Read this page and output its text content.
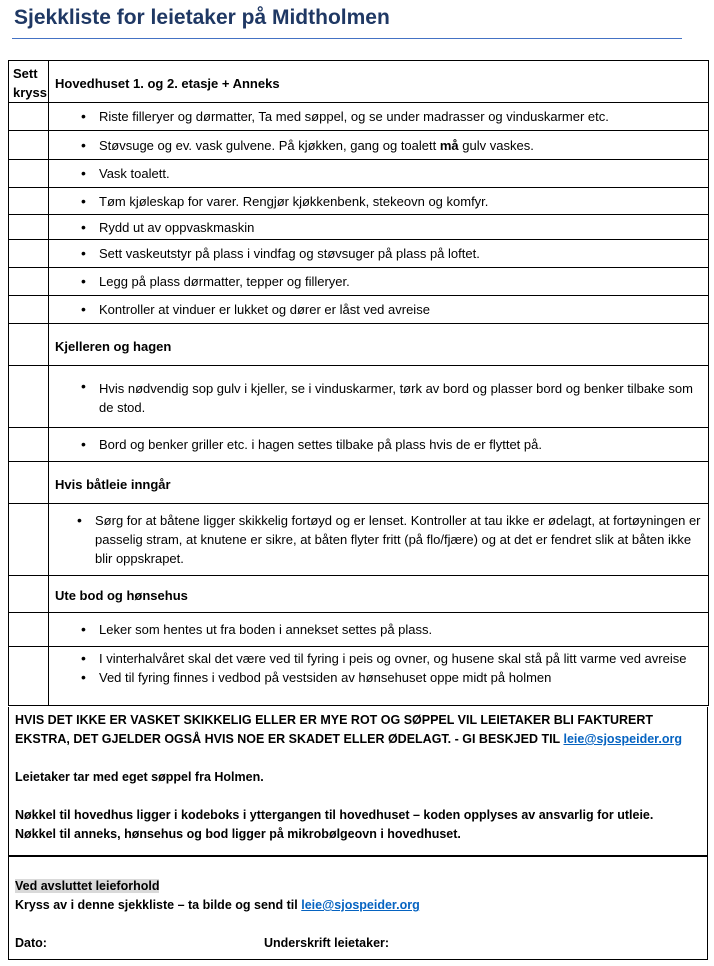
Sjekkliste for leietaker på Midtholmen
Sett kryss	Hovedhuset 1. og 2. etasje + Anneks

	• Riste filleryer og dørmatter, Ta med søppel, og se under madrasser og vinduskarmer etc.

	• Støvsuge og ev. vask gulvene. På kjøkken, gang og toalett må gulv vaskes.

	• Vask toalett.

	• Tøm kjøleskap for varer. Rengjør kjøkkenbenk, stekeovn og komfyr.

	• Rydd ut av oppvaskmaskin

	• Sett vaskeutstyr på plass i vindfag og støvsuger på plass på loftet.

	• Legg på plass dørmatter, tepper og filleryer.

	• Kontroller at vinduer er lukket og dører er låst ved avreise

	Kjelleren og hagen

	• Hvis nødvendig sop gulv i kjeller, se i vinduskarmer, tørk av bord og plasser bord og benker tilbake som de stod.

	• Bord og benker griller etc. i hagen settes tilbake på plass hvis de er flyttet på.

	Hvis båtleie inngår

	• Sørg for at båtene ligger skikkelig fortøyd og er lenset. Kontroller at tau ikke er ødelagt, at fortøyningen er passelig stram, at knutene er sikre, at båten flyter fritt (på flo/fjære) og at det er fendret slik at båten ikke blir oppskrapet.

	Ute bod og hønsehus

	• Leker som hentes ut fra boden i annekset settes på plass.

	• I vinterhalvåret skal det være ved til fyring i peis og ovner, og husene skal stå på litt varme ved avreise
• Ved til fyring finnes i vedbod på vestsiden av hønsehuset oppe midt på holmen

HVIS DET IKKE ER VASKET SKIKKELIG ELLER ER MYE ROT OG SØPPEL VIL LEIETAKER BLI FAKTURERT EKSTRA, DET GJELDER OGSÅ HVIS NOE ER SKADET ELLER ØDELAGT. - GI BESKJED TIL leie@sjospeider.org

Leietaker tar med eget søppel fra Holmen.

Nøkkel til hovedhus ligger i kodeboks i yttergangen til hovedhuset – koden opplyses av ansvarlig for utleie.

Nøkkel til anneks, hønsehus og bod ligger på mikrobølgeovn i hovedhuset.

Ved avsluttet leieforhold

Kryss av i denne sjekkliste – ta bilde og send til leie@sjospeider.org

Dato:	Underskrift leietaker:
